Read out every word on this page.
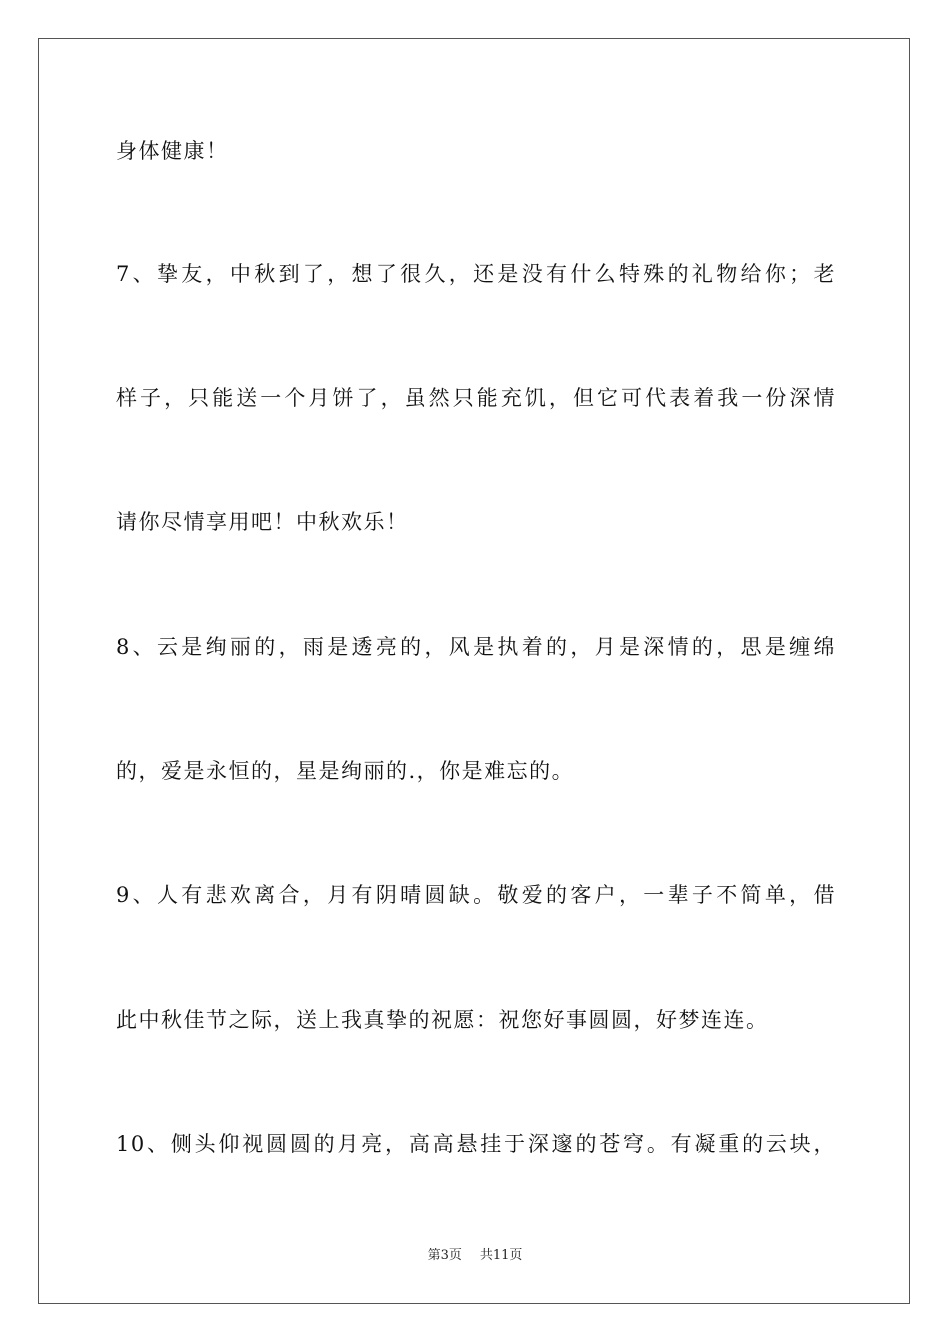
身体健康！
7、挚友，中秋到了，想了很久，还是没有什么特殊的礼物给你；老
样子，只能送一个月饼了，虽然只能充饥，但它可代表着我一份深情
请你尽情享用吧！中秋欢乐！
8、云是绚丽的，雨是透亮的，风是执着的，月是深情的，思是缠绵
的，爱是永恒的，星是绚丽的.，你是难忘的。
9、人有悲欢离合，月有阴晴圆缺。敬爱的客户，一辈子不简单，借
此中秋佳节之际，送上我真挚的祝愿：祝您好事圆圆，好梦连连。
10、侧头仰视圆圆的月亮，高高悬挂于深邃的苍穹。有凝重的云块，
第3页 共11页
